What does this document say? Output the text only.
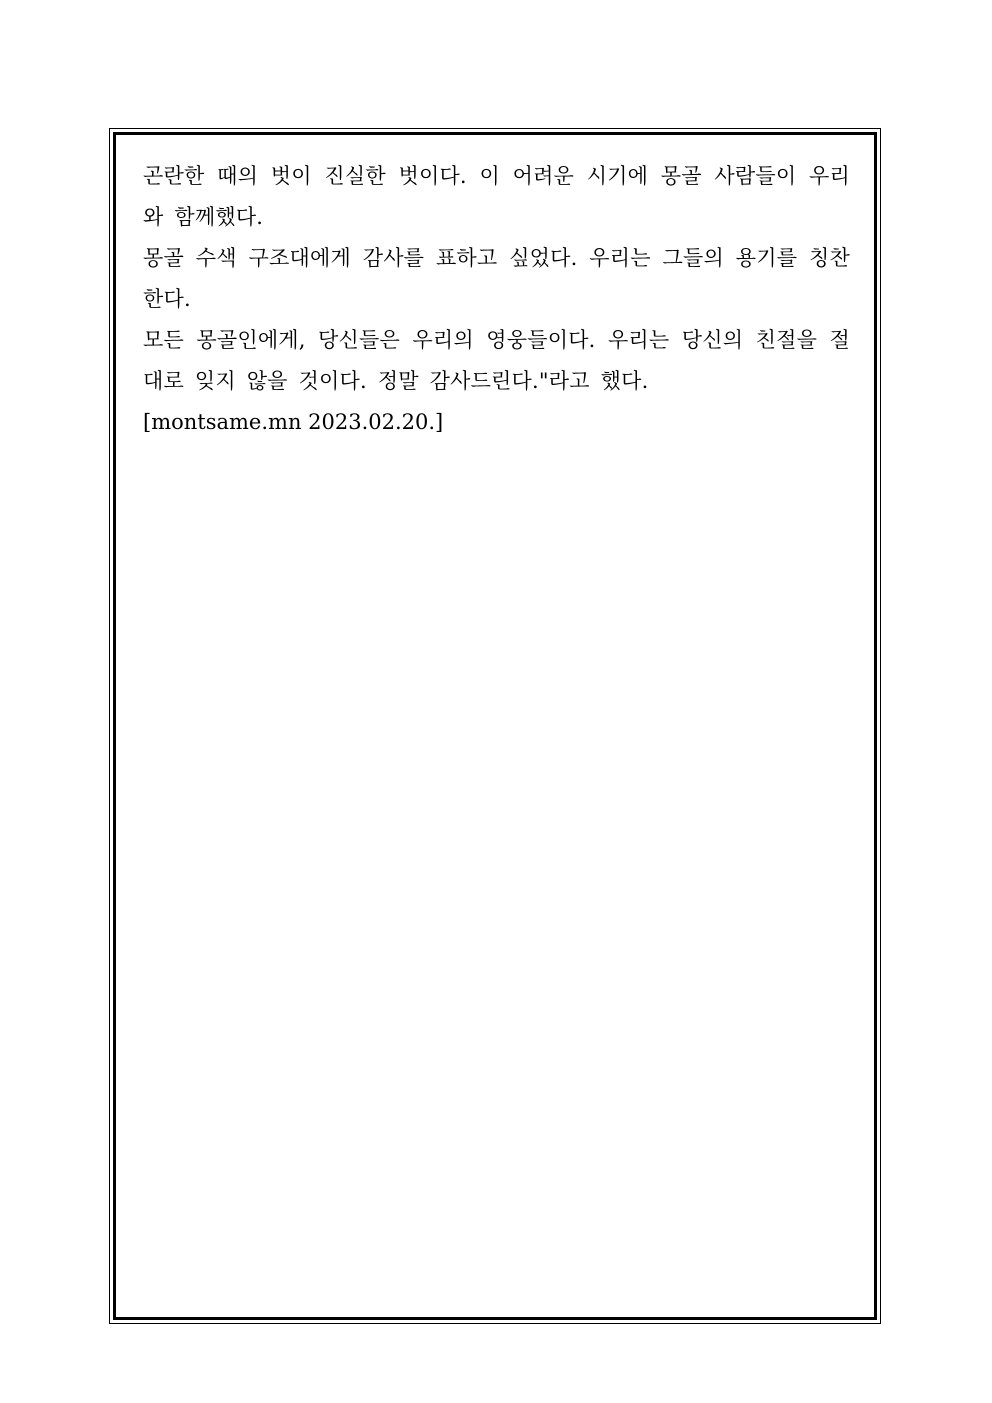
곤란한 때의 벗이 진실한 벗이다. 이 어려운 시기에 몽골 사람들이 우리와 함께했다.

몽골 수색 구조대에게 감사를 표하고 싶었다. 우리는 그들의 용기를 칭찬한다.

모든 몽골인에게, 당신들은 우리의 영웅들이다. 우리는 당신의 친절을 절대로 잊지 않을 것이다. 정말 감사드린다."라고 했다.

[montsame.mn 2023.02.20.]
